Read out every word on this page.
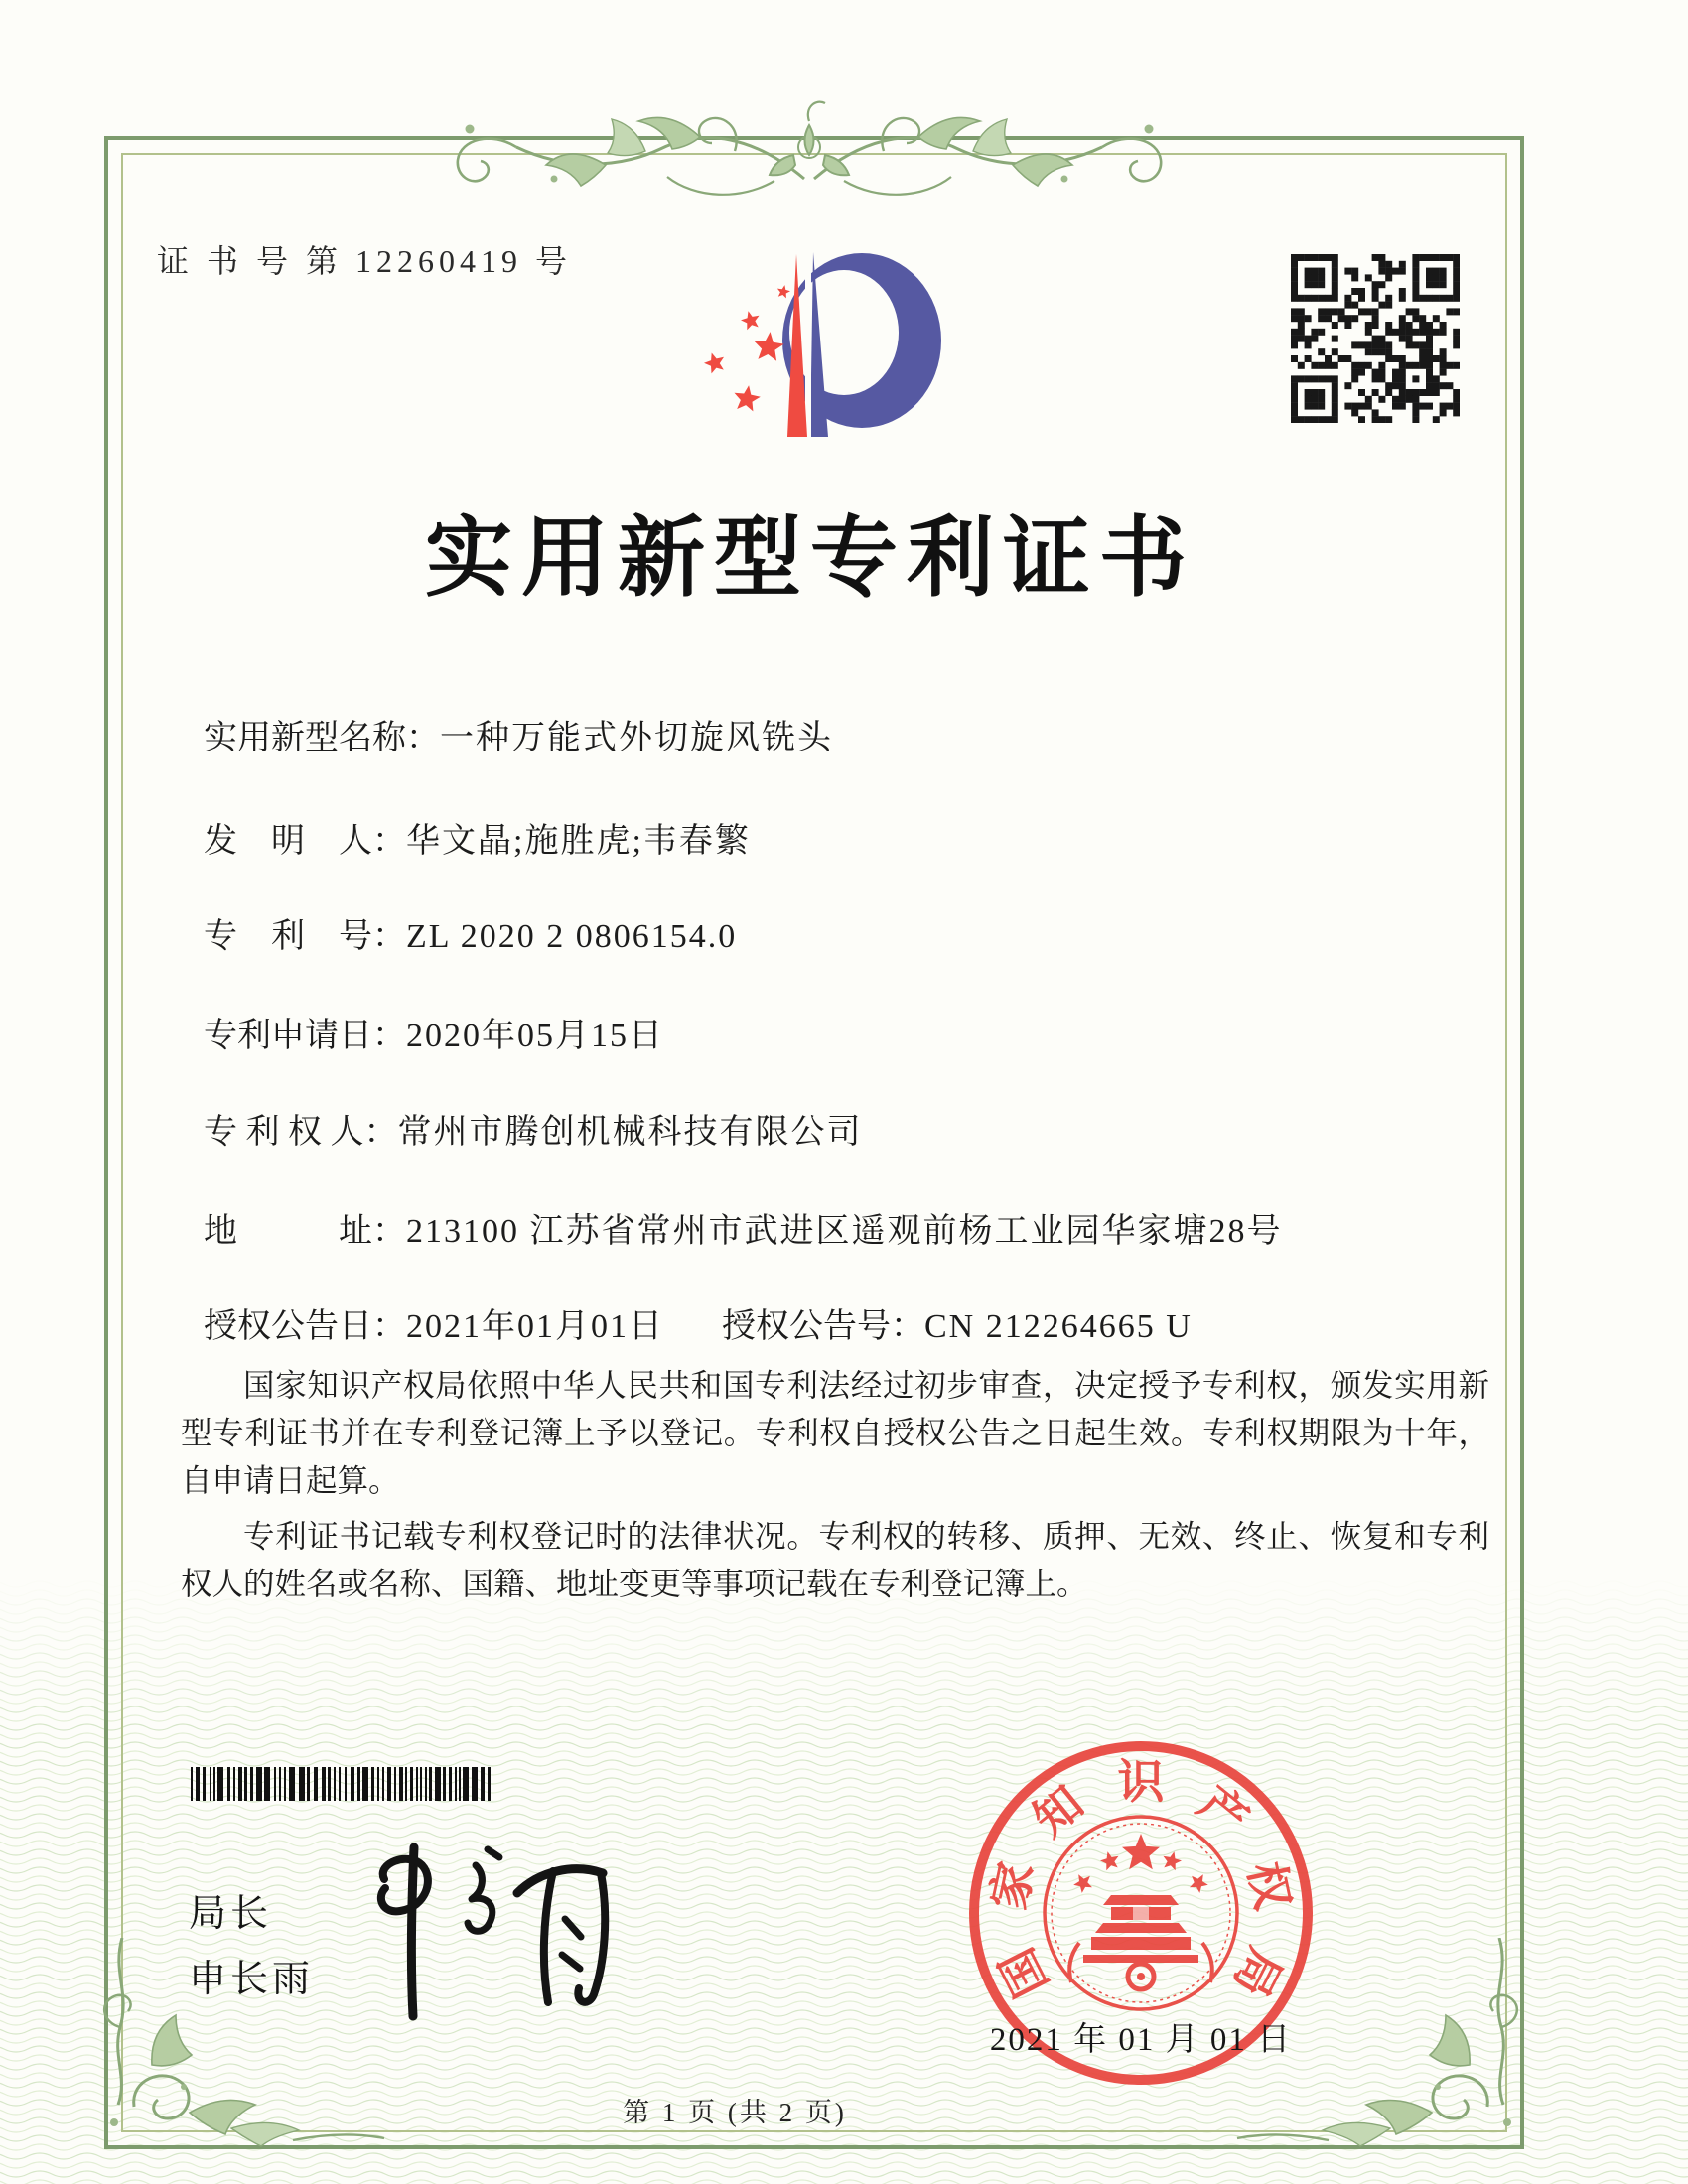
证 书 号 第 12260419 号
实用新型专利证书
实用新型名称：一种万能式外切旋风铣头
发　明　人：华文晶;施胜虎;韦春繁
专　利　号：ZL 2020 2 0806154.0
专利申请日：2020年05月15日
专 利 权 人：常州市腾创机械科技有限公司
地　　　址：213100 江苏省常州市武进区遥观前杨工业园华家塘28号
授权公告日：2021年01月01日 授权公告号：CN 212264665 U

国家知识产权局依照中华人民共和国专利法经过初步审查，决定授予专利权，颁发实用新型专利证书并在专利登记簿上予以登记。专利权自授权公告之日起生效。专利权期限为十年，自申请日起算。

专利证书记载专利权登记时的法律状况。专利权的转移、质押、无效、终止、恢复和专利权人的姓名或名称、国籍、地址变更等事项记载在专利登记簿上。

局长
申长雨	国
家
知 识 产
权
局
2021 年 01 月 01 日
第 1 页 (共 2 页)
